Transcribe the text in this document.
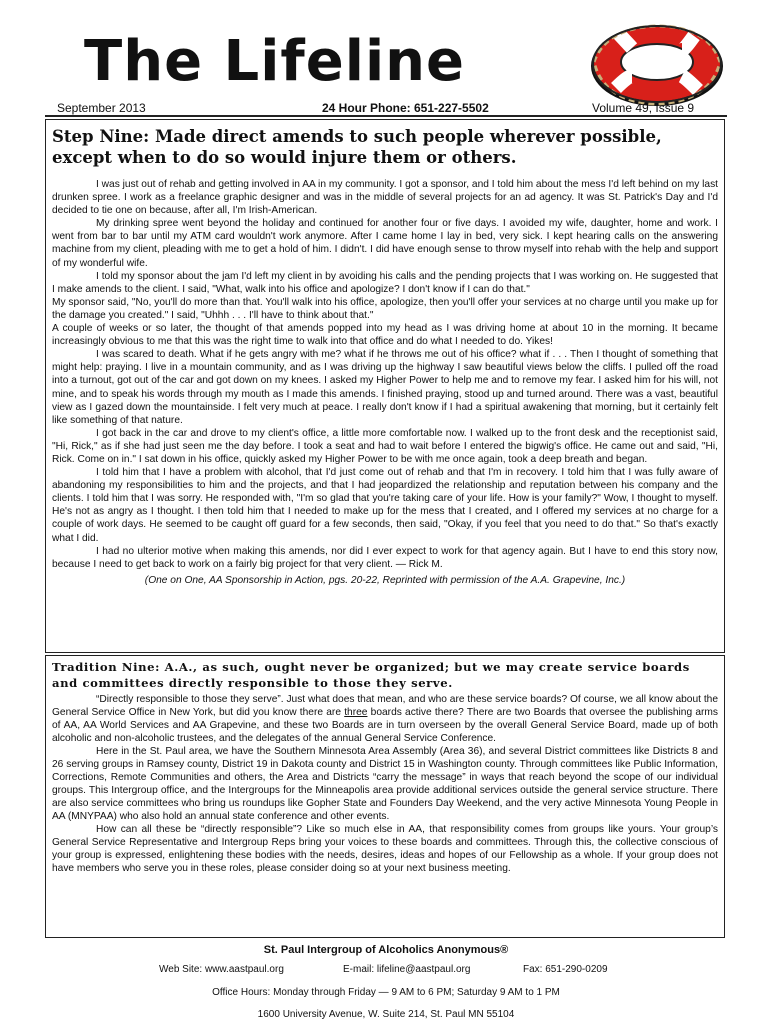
The Lifeline
September 2013	24 Hour Phone: 651-227-5502	Volume 49, Issue 9
Step Nine: Made direct amends to such people wherever possible, except when to do so would injure them or others.

I was just out of rehab and getting involved in AA in my community. I got a sponsor, and I told him about the mess I'd left behind on my last drunken spree. I work as a freelance graphic designer and was in the middle of several projects for an ad agency. It was St. Patrick's Day and I'd decided to tie one on because, after all, I'm Irish-American.

My drinking spree went beyond the holiday and continued for another four or five days. I avoided my wife, daughter, home and work. I went from bar to bar until my ATM card wouldn't work anymore. After I came home I lay in bed, very sick. I kept hearing calls on the answering machine from my client, pleading with me to get a hold of him. I didn't. I did have enough sense to throw myself into rehab with the help and support of my wonderful wife.

I told my sponsor about the jam I'd left my client in by avoiding his calls and the pending projects that I was working on. He suggested that I make amends to the client. I said, "What, walk into his office and apologize? I don't know if I can do that."

My sponsor said, "No, you'll do more than that. You'll walk into his office, apologize, then you'll offer your services at no charge until you make up for the damage you created." I said, "Uhhh . . . I'll have to think about that."

A couple of weeks or so later, the thought of that amends popped into my head as I was driving home at about 10 in the morning. It became increasingly obvious to me that this was the right time to walk into that office and do what I needed to do. Yikes!

I was scared to death. What if he gets angry with me? what if he throws me out of his office? what if . . . Then I thought of something that might help: praying. I live in a mountain community, and as I was driving up the highway I saw beautiful views below the cliffs. I pulled off the road into a turnout, got out of the car and got down on my knees. I asked my Higher Power to help me and to remove my fear. I asked him for his will, not mine, and to speak his words through my mouth as I made this amends. I finished praying, stood up and turned around. There was a vast, beautiful view as I gazed down the mountainside. I felt very much at peace. I really don't know if I had a spiritual awakening that morning, but it certainly felt like something of that nature.

I got back in the car and drove to my client's office, a little more comfortable now. I walked up to the front desk and the receptionist said, "Hi, Rick," as if she had just seen me the day before. I took a seat and had to wait before I entered the bigwig's office. He came out and said, "Hi, Rick. Come on in." I sat down in his office, quickly asked my Higher Power to be with me once again, took a deep breath and began.

I told him that I have a problem with alcohol, that I'd just come out of rehab and that I'm in recovery. I told him that I was fully aware of abandoning my responsibilities to him and the projects, and that I had jeopardized the relationship and reputation between his company and the clients. I told him that I was sorry. He responded with, "I'm so glad that you're taking care of your life. How is your family?" Wow, I thought to myself. He's not as angry as I thought. I then told him that I needed to make up for the mess that I created, and I offered my services at no charge for a couple of work days. He seemed to be caught off guard for a few seconds, then said, "Okay, if you feel that you need to do that." So that's exactly what I did.

I had no ulterior motive when making this amends, nor did I ever expect to work for that agency again. But I have to end this story now, because I need to get back to work on a fairly big project for that very client. — Rick M.

(One on One, AA Sponsorship in Action, pgs. 20-22, Reprinted with permission of the A.A. Grapevine, Inc.)

Tradition Nine: A.A., as such, ought never be organized; but we may create service boards and committees directly responsible to those they serve.

“Directly responsible to those they serve”. Just what does that mean, and who are these service boards? Of course, we all know about the General Service Office in New York, but did you know there are three boards active there? There are two Boards that oversee the publishing arms of AA, AA World Services and AA Grapevine, and these two Boards are in turn overseen by the overall General Service Board, made up of both alcoholic and non-alcoholic trustees, and the delegates of the annual General Service Conference.

Here in the St. Paul area, we have the Southern Minnesota Area Assembly (Area 36), and several District committees like Districts 8 and 26 serving groups in Ramsey county, District 19 in Dakota county and District 15 in Washington county. Through committees like Public Information, Corrections, Remote Communities and others, the Area and Districts “carry the message” in ways that reach beyond the scope of our individual groups. This Intergroup office, and the Intergroups for the Minneapolis area provide additional services outside the general service structure. There are also service committees who bring us roundups like Gopher State and Founders Day Weekend, and the very active Minnesota Young People in AA (MNYPAA) who also hold an annual state conference and other events.

How can all these be “directly responsible”? Like so much else in AA, that responsibility comes from groups like yours. Your group’s General Service Representative and Intergroup Reps bring your voices to these boards and committees. Through this, the collective conscious of your group is expressed, enlightening these bodies with the needs, desires, ideas and hopes of our Fellowship as a whole. If your group does not have members who serve you in these roles, please consider doing so at your next business meeting.

St. Paul Intergroup of Alcoholics Anonymous®
Web Site: www.aastpaul.org	E-mail: lifeline@aastpaul.org	Fax: 651-290-0209
Office Hours: Monday through Friday — 9 AM to 6 PM; Saturday 9 AM to 1 PM
1600 University Avenue, W. Suite 214, St. Paul MN 55104
